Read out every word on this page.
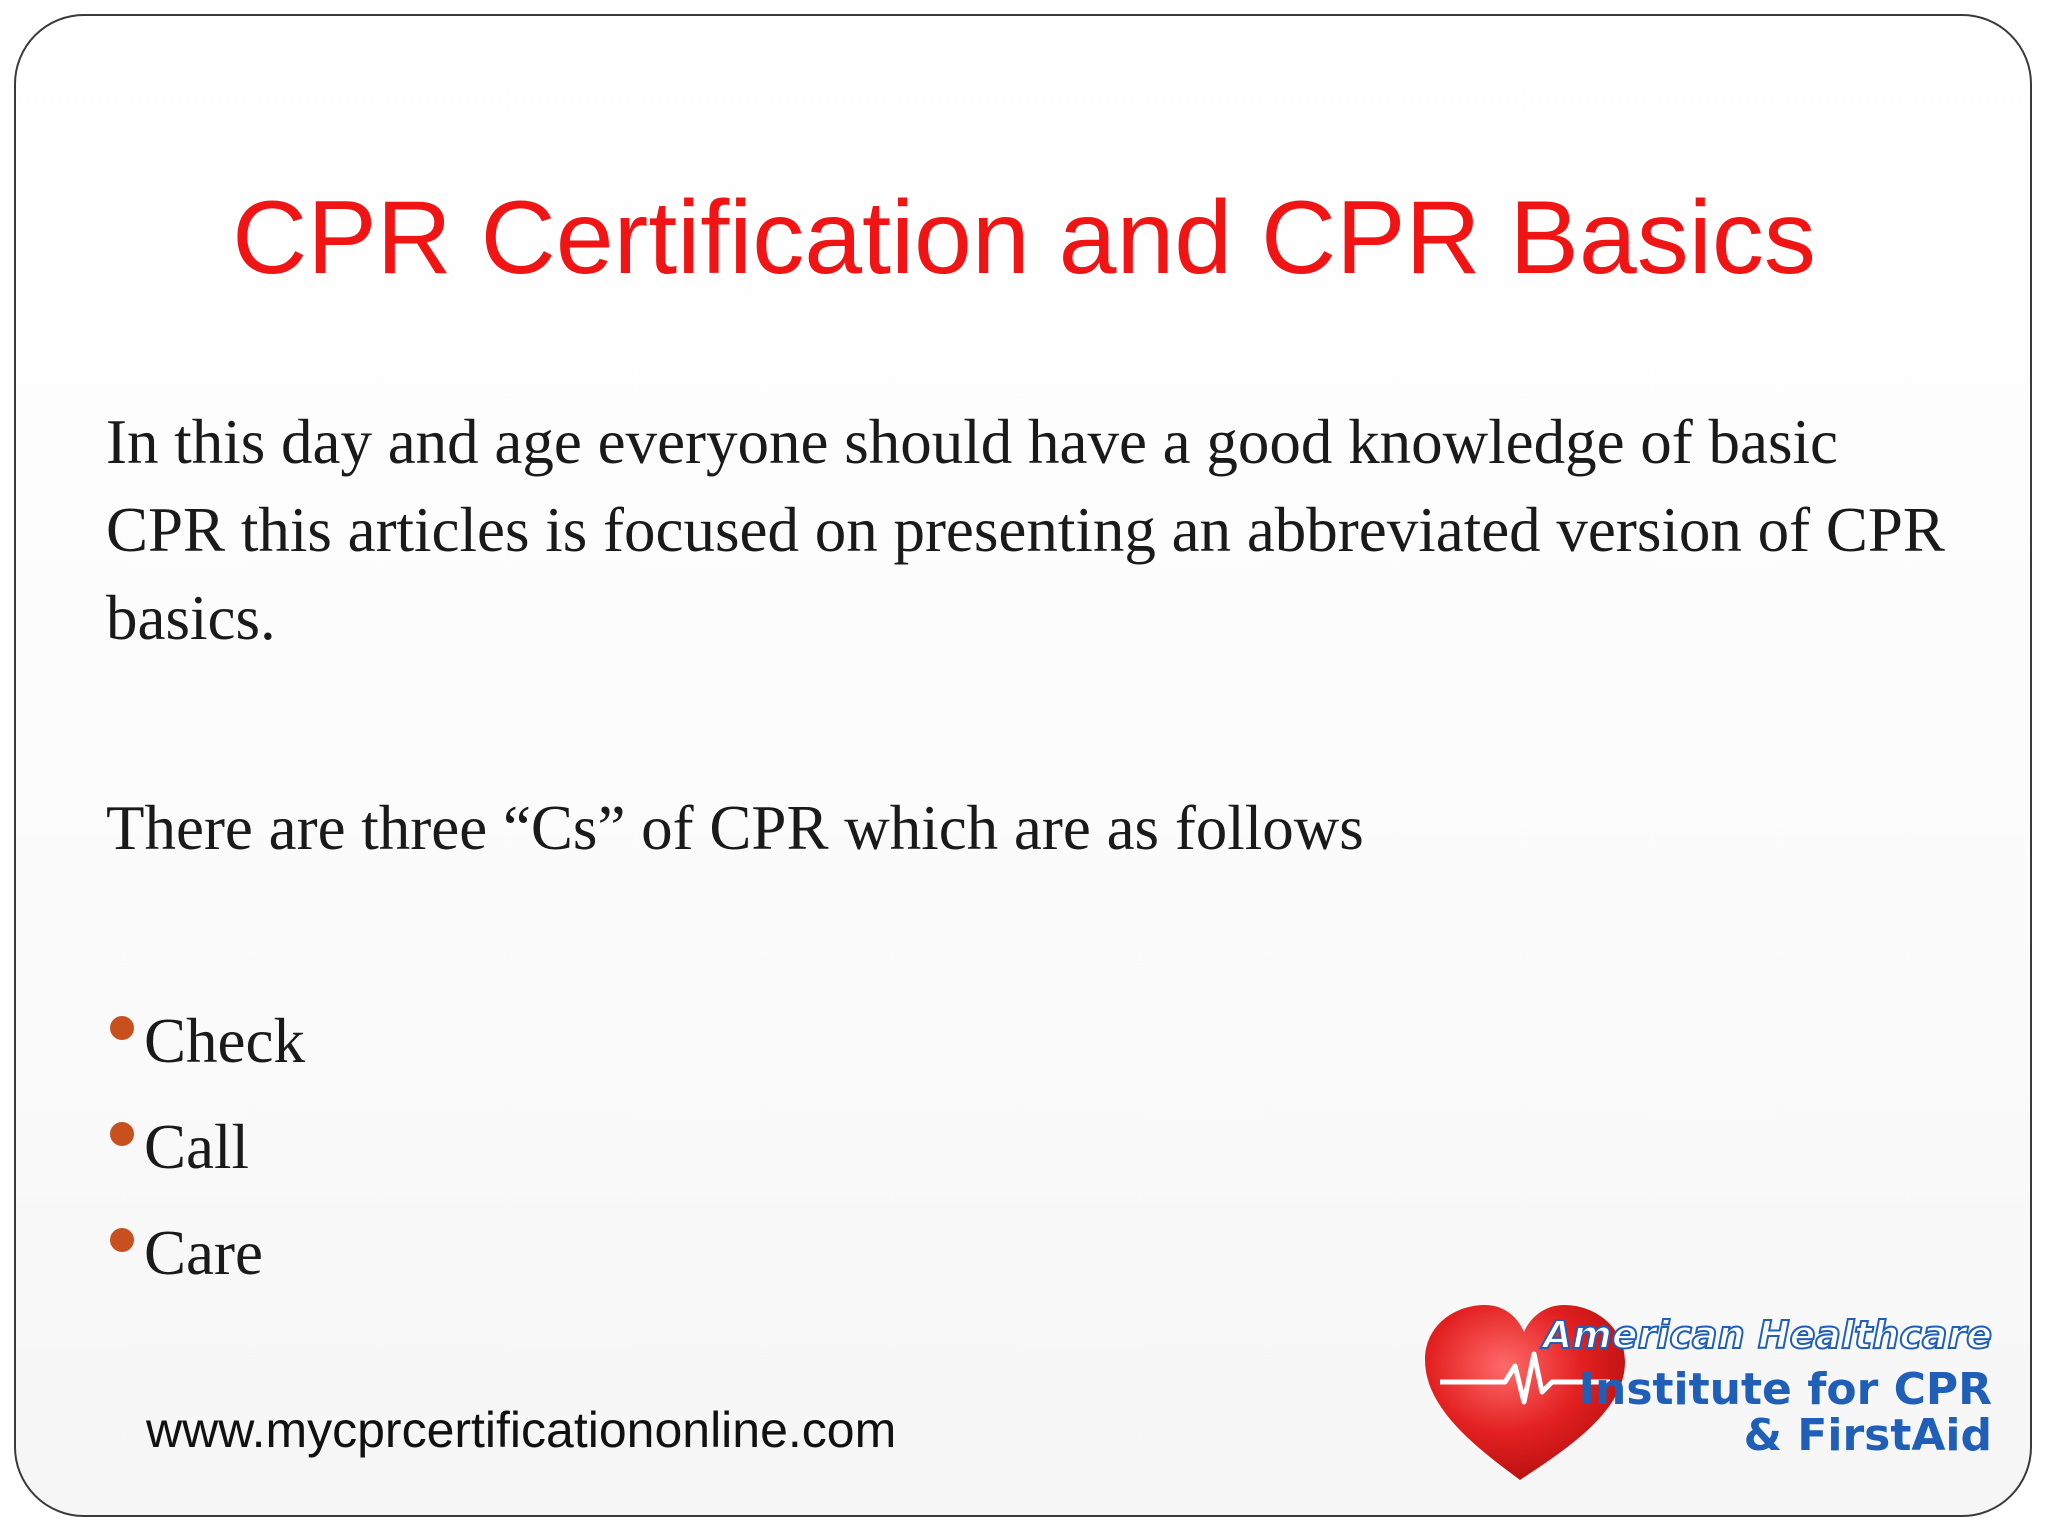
CPR Certification and CPR Basics
In this day and age everyone should have a good knowledge of basic CPR this articles is focused on presenting an abbreviated version of CPR basics.
There are three “Cs” of CPR which are as follows
Check
Call
Care
www.mycprcertificationonline.com
American Healthcare
Institute for CPR
& FirstAid
